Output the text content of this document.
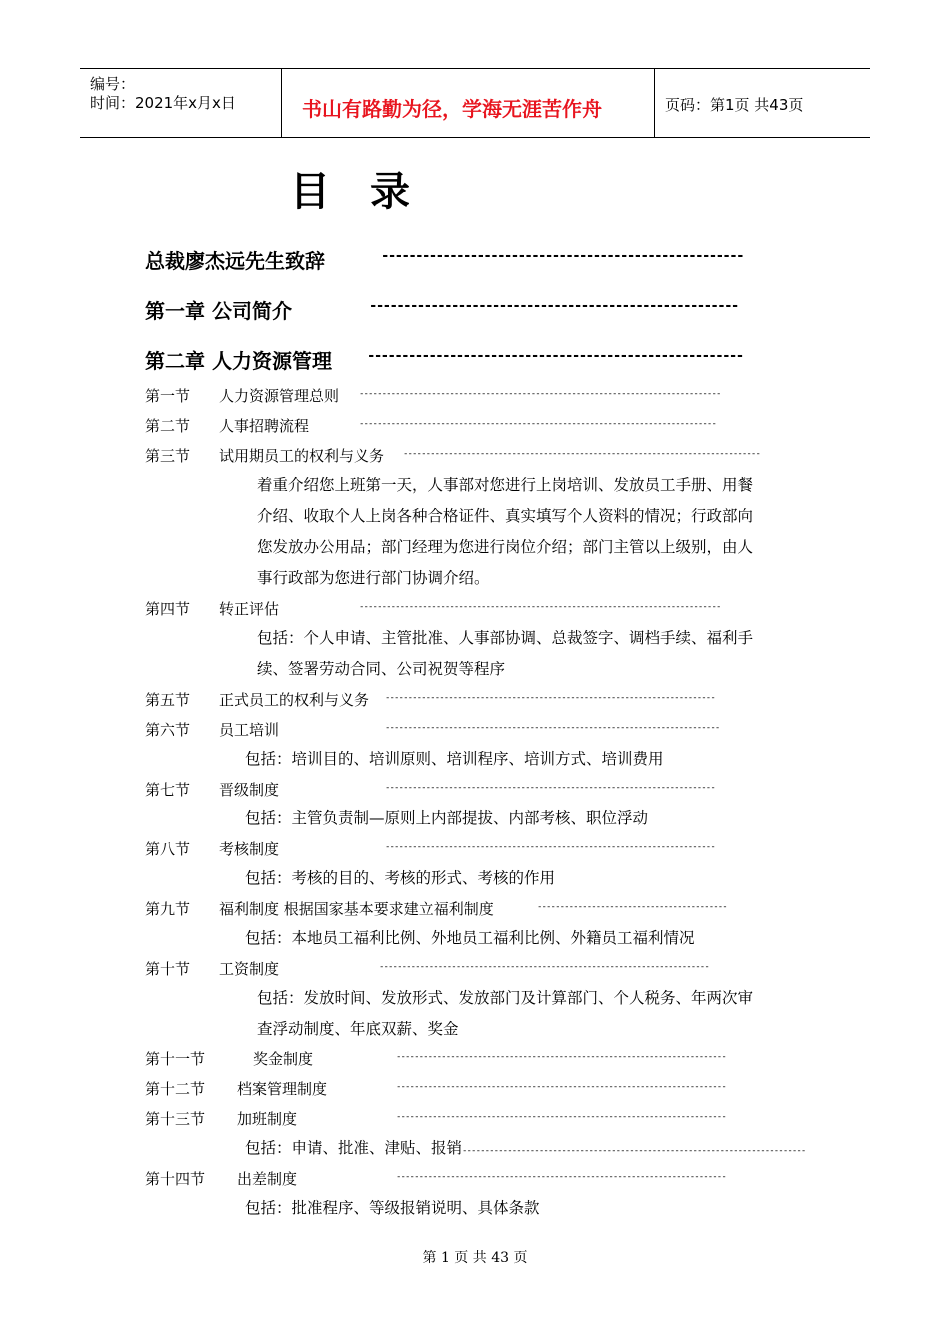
编号：
时间：2021年x月x日	书山有路勤为径，学海无涯苦作舟	页码：第1页 共43页
目录
总裁廖杰远先生致辞	-----------------------------------------------------
第一章 公司简介	------------------------------------------------------
第二章 人力资源管理	-------------------------------------------------------
第一节 人力资源管理总则 --------------------------------------------------------------------------------
第二节 人事招聘流程	-------------------------------------------------------------------------------
第三节 试用期员工的权利与义务 -------------------------------------------------------------------------------
着重介绍您上班第一天，人事部对您进行上岗培训、发放员工手册、用餐
介绍、收取个人上岗各种合格证件、真实填写个人资料的情况；行政部向
您发放办公用品；部门经理为您进行岗位介绍；部门主管以上级别，由人
事行政部为您进行部门协调介绍。
第四节 转正评估	--------------------------------------------------------------------------------
包括：个人申请、主管批准、人事部协调、总裁签字、调档手续、福利手
续、签署劳动合同、公司祝贺等程序
第五节 正式员工的权利与义务 -------------------------------------------------------------------------
第六节 员工培训	--------------------------------------------------------------------------
包括：培训目的、培训原则、培训程序、培训方式、培训费用
第七节 晋级制度	-------------------------------------------------------------------------
包括：主管负责制—原则上内部提拔、内部考核、职位浮动
第八节 考核制度	-------------------------------------------------------------------------
包括：考核的目的、考核的形式、考核的作用
第九节 福利制度 根据国家基本要求建立福利制度	------------------------------------------
包括：本地员工福利比例、外地员工福利比例、外籍员工福利情况
第十节 工资制度	-------------------------------------------------------------------------
包括：发放时间、发放形式、发放部门及计算部门、个人税务、年两次审
查浮动制度、年底双薪、奖金
第十一节	奖金制度	-------------------------------------------------------------------------
第十二节 档案管理制度	-------------------------------------------------------------------------
第十三节 加班制度	-------------------------------------------------------------------------
包括：申请、批准、津贴、报销----------------------------------------------------------------------------
第十四节 出差制度	-------------------------------------------------------------------------
包括：批准程序、等级报销说明、具体条款
第 1 页 共 43 页
